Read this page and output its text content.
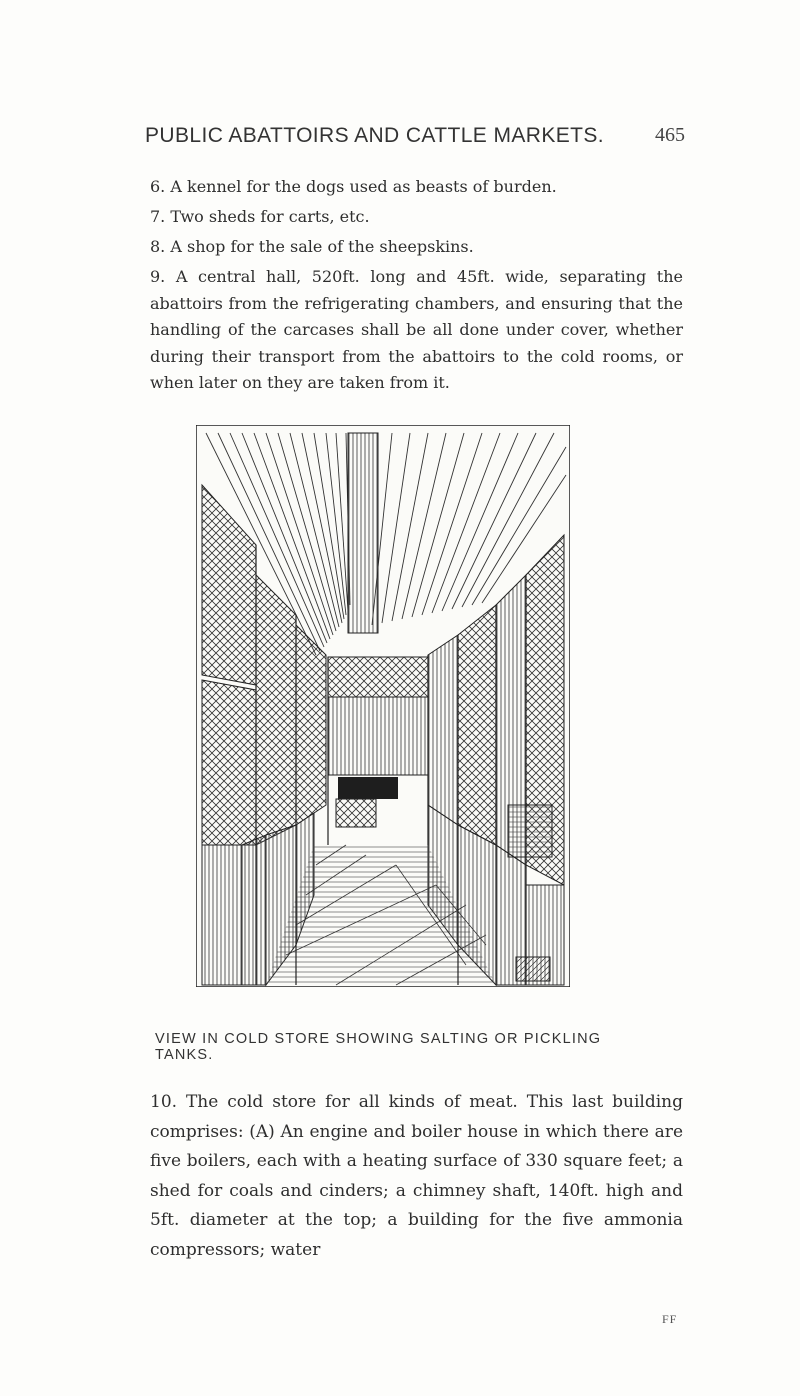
PUBLIC ABATTOIRS AND CATTLE MARKETS.	465
6. A kennel for the dogs used as beasts of burden.
7. Two sheds for carts, etc.
8. A shop for the sale of the sheepskins.
9. A central hall, 520ft. long and 45ft. wide, separating the abattoirs from the refrigerating chambers, and ensuring that the handling of the carcases shall be all done under cover, whether during their transport from the abattoirs to the cold rooms, or when later on they are taken from it.
VIEW IN COLD STORE SHOWING SALTING OR PICKLING TANKS.
10. The cold store for all kinds of meat. This last building comprises: (A) An engine and boiler house in which there are five boilers, each with a heating surface of 330 square feet; a shed for coals and cinders; a chimney shaft, 140ft. high and 5ft. diameter at the top; a building for the five ammonia compressors; water
FF
